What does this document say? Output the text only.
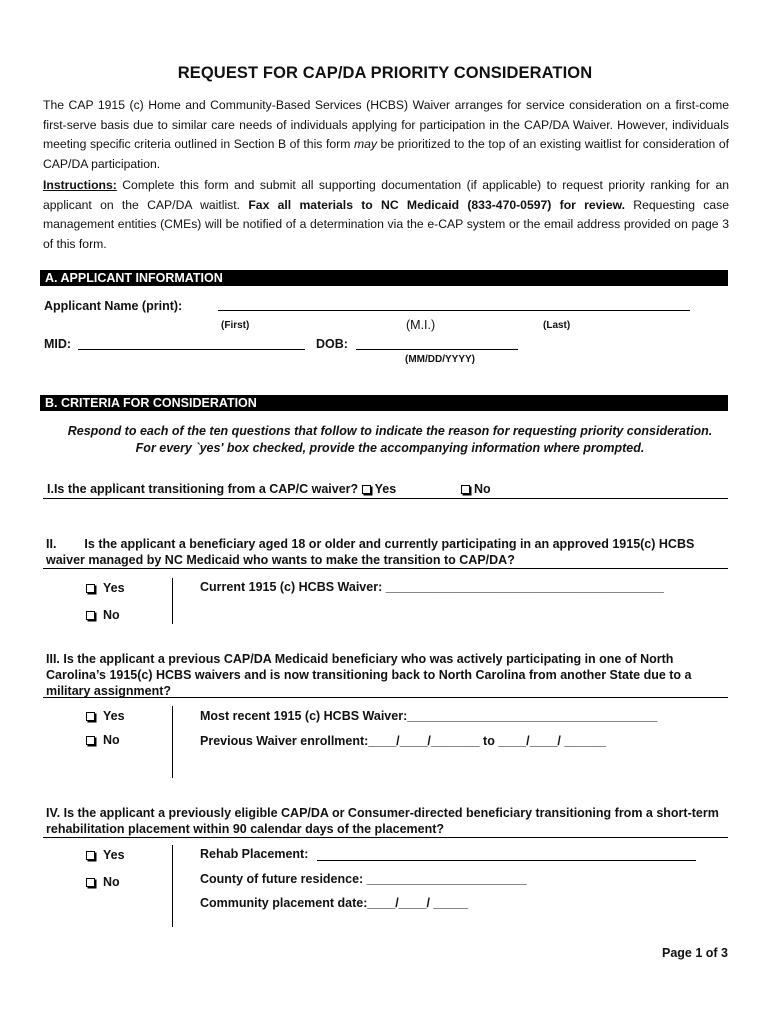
REQUEST FOR CAP/DA PRIORITY CONSIDERATION
The CAP 1915 (c) Home and Community-Based Services (HCBS) Waiver arranges for service consideration on a first-come first-serve basis due to similar care needs of individuals applying for participation in the CAP/DA Waiver. However, individuals meeting specific criteria outlined in Section B of this form may be prioritized to the top of an existing waitlist for consideration of CAP/DA participation.
Instructions: Complete this form and submit all supporting documentation (if applicable) to request priority ranking for an applicant on the CAP/DA waitlist. Fax all materials to NC Medicaid (833-470-0597) for review. Requesting case management entities (CMEs) will be notified of a determination via the e-CAP system or the email address provided on page 3 of this form.
A. APPLICANT INFORMATION
Applicant Name (print):
(First)	(M.I.)	(Last)
MID:	DOB:
(MM/DD/YYYY)
B. CRITERIA FOR CONSIDERATION
Respond to each of the ten questions that follow to indicate the reason for requesting priority consideration. For every `yes' box checked, provide the accompanying information where prompted.
I.Is the applicant transitioning from a CAP/C waiver? Yes	No
II. Is the applicant a beneficiary aged 18 or older and currently participating in an approved 1915(c) HCBS waiver managed by NC Medicaid who wants to make the transition to CAP/DA?
Yes
No
Current 1915 (c) HCBS Waiver: ________________________________________
III. Is the applicant a previous CAP/DA Medicaid beneficiary who was actively participating in one of North Carolina’s 1915(c) HCBS waivers and is now transitioning back to North Carolina from another State due to a military assignment?
Yes
No
Most recent 1915 (c) HCBS Waiver:____________________________________
Previous Waiver enrollment:____/____/_______ to ____/____/ ______
IV. Is the applicant a previously eligible CAP/DA or Consumer-directed beneficiary transitioning from a short-term rehabilitation placement within 90 calendar days of the placement?
Yes
No
Rehab Placement:
County of future residence: _______________________
Community placement date:____/____/ _____
Page 1 of 3
